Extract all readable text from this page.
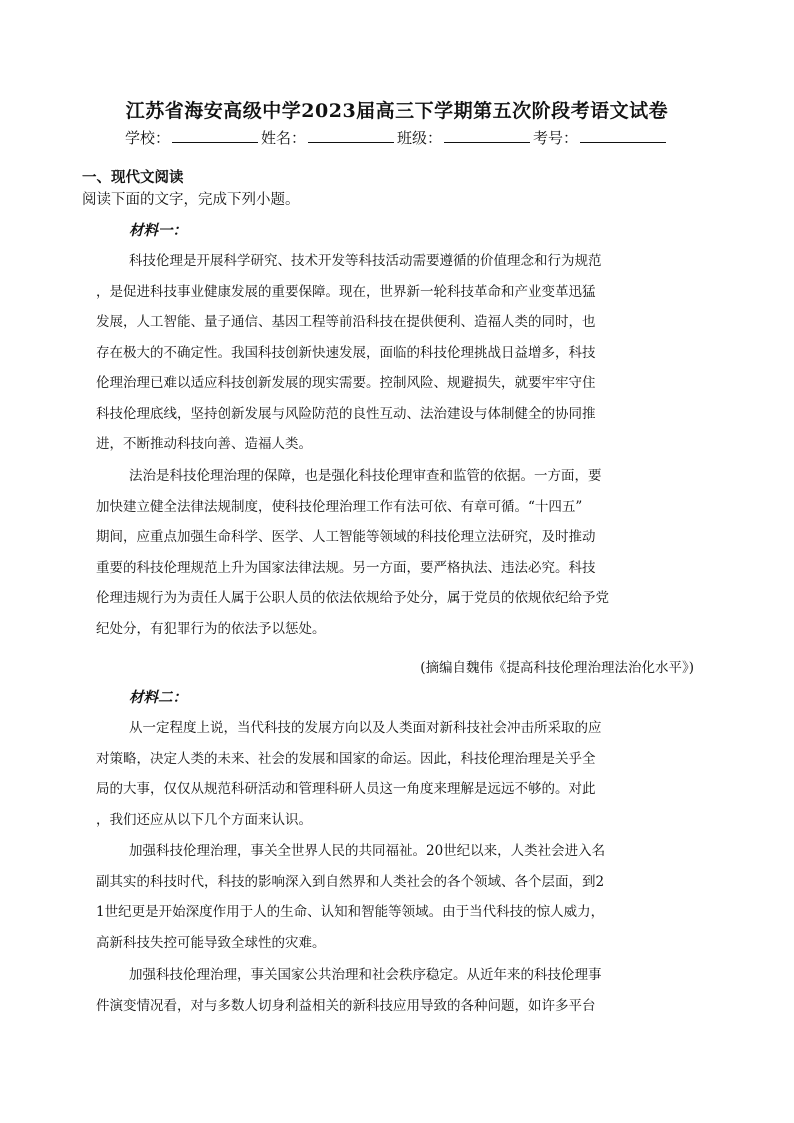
江苏省海安高级中学2023届高三下学期第五次阶段考语文试卷
学校：	姓名：	班级：	考号：
一、现代文阅读
阅读下面的文字，完成下列小题。
材料一：
科技伦理是开展科学研究、技术开发等科技活动需要遵循的价值理念和行为规范
，是促进科技事业健康发展的重要保障。现在，世界新一轮科技革命和产业变革迅猛
发展，人工智能、量子通信、基因工程等前沿科技在提供便利、造福人类的同时，也
存在极大的不确定性。我国科技创新快速发展，面临的科技伦理挑战日益增多，科技
伦理治理已难以适应科技创新发展的现实需要。控制风险、规避损失，就要牢牢守住
科技伦理底线，坚持创新发展与风险防范的良性互动、法治建设与体制健全的协同推
进，不断推动科技向善、造福人类。
法治是科技伦理治理的保障，也是强化科技伦理审查和监管的依据。一方面，要
加快建立健全法律法规制度，使科技伦理治理工作有法可依、有章可循。“十四五”
期间，应重点加强生命科学、医学、人工智能等领域的科技伦理立法研究，及时推动
重要的科技伦理规范上升为国家法律法规。另一方面，要严格执法、违法必究。科技
伦理违规行为为责任人属于公职人员的依法依规给予处分，属于党员的依规依纪给予党
纪处分，有犯罪行为的依法予以惩处。
(摘编自魏伟《提高科技伦理治理法治化水平》)
材料二：
从一定程度上说，当代科技的发展方向以及人类面对新科技社会冲击所采取的应
对策略，决定人类的未来、社会的发展和国家的命运。因此，科技伦理治理是关乎全
局的大事，仅仅从规范科研活动和管理科研人员这一角度来理解是远远不够的。对此
，我们还应从以下几个方面来认识。
加强科技伦理治理，事关全世界人民的共同福祉。20世纪以来，人类社会进入名
副其实的科技时代，科技的影响深入到自然界和人类社会的各个领域、各个层面，到2
1世纪更是开始深度作用于人的生命、认知和智能等领域。由于当代科技的惊人威力，
高新科技失控可能导致全球性的灾难。
加强科技伦理治理，事关国家公共治理和社会秩序稳定。从近年来的科技伦理事
件演变情况看，对与多数人切身利益相关的新科技应用导致的各种问题，如许多平台
